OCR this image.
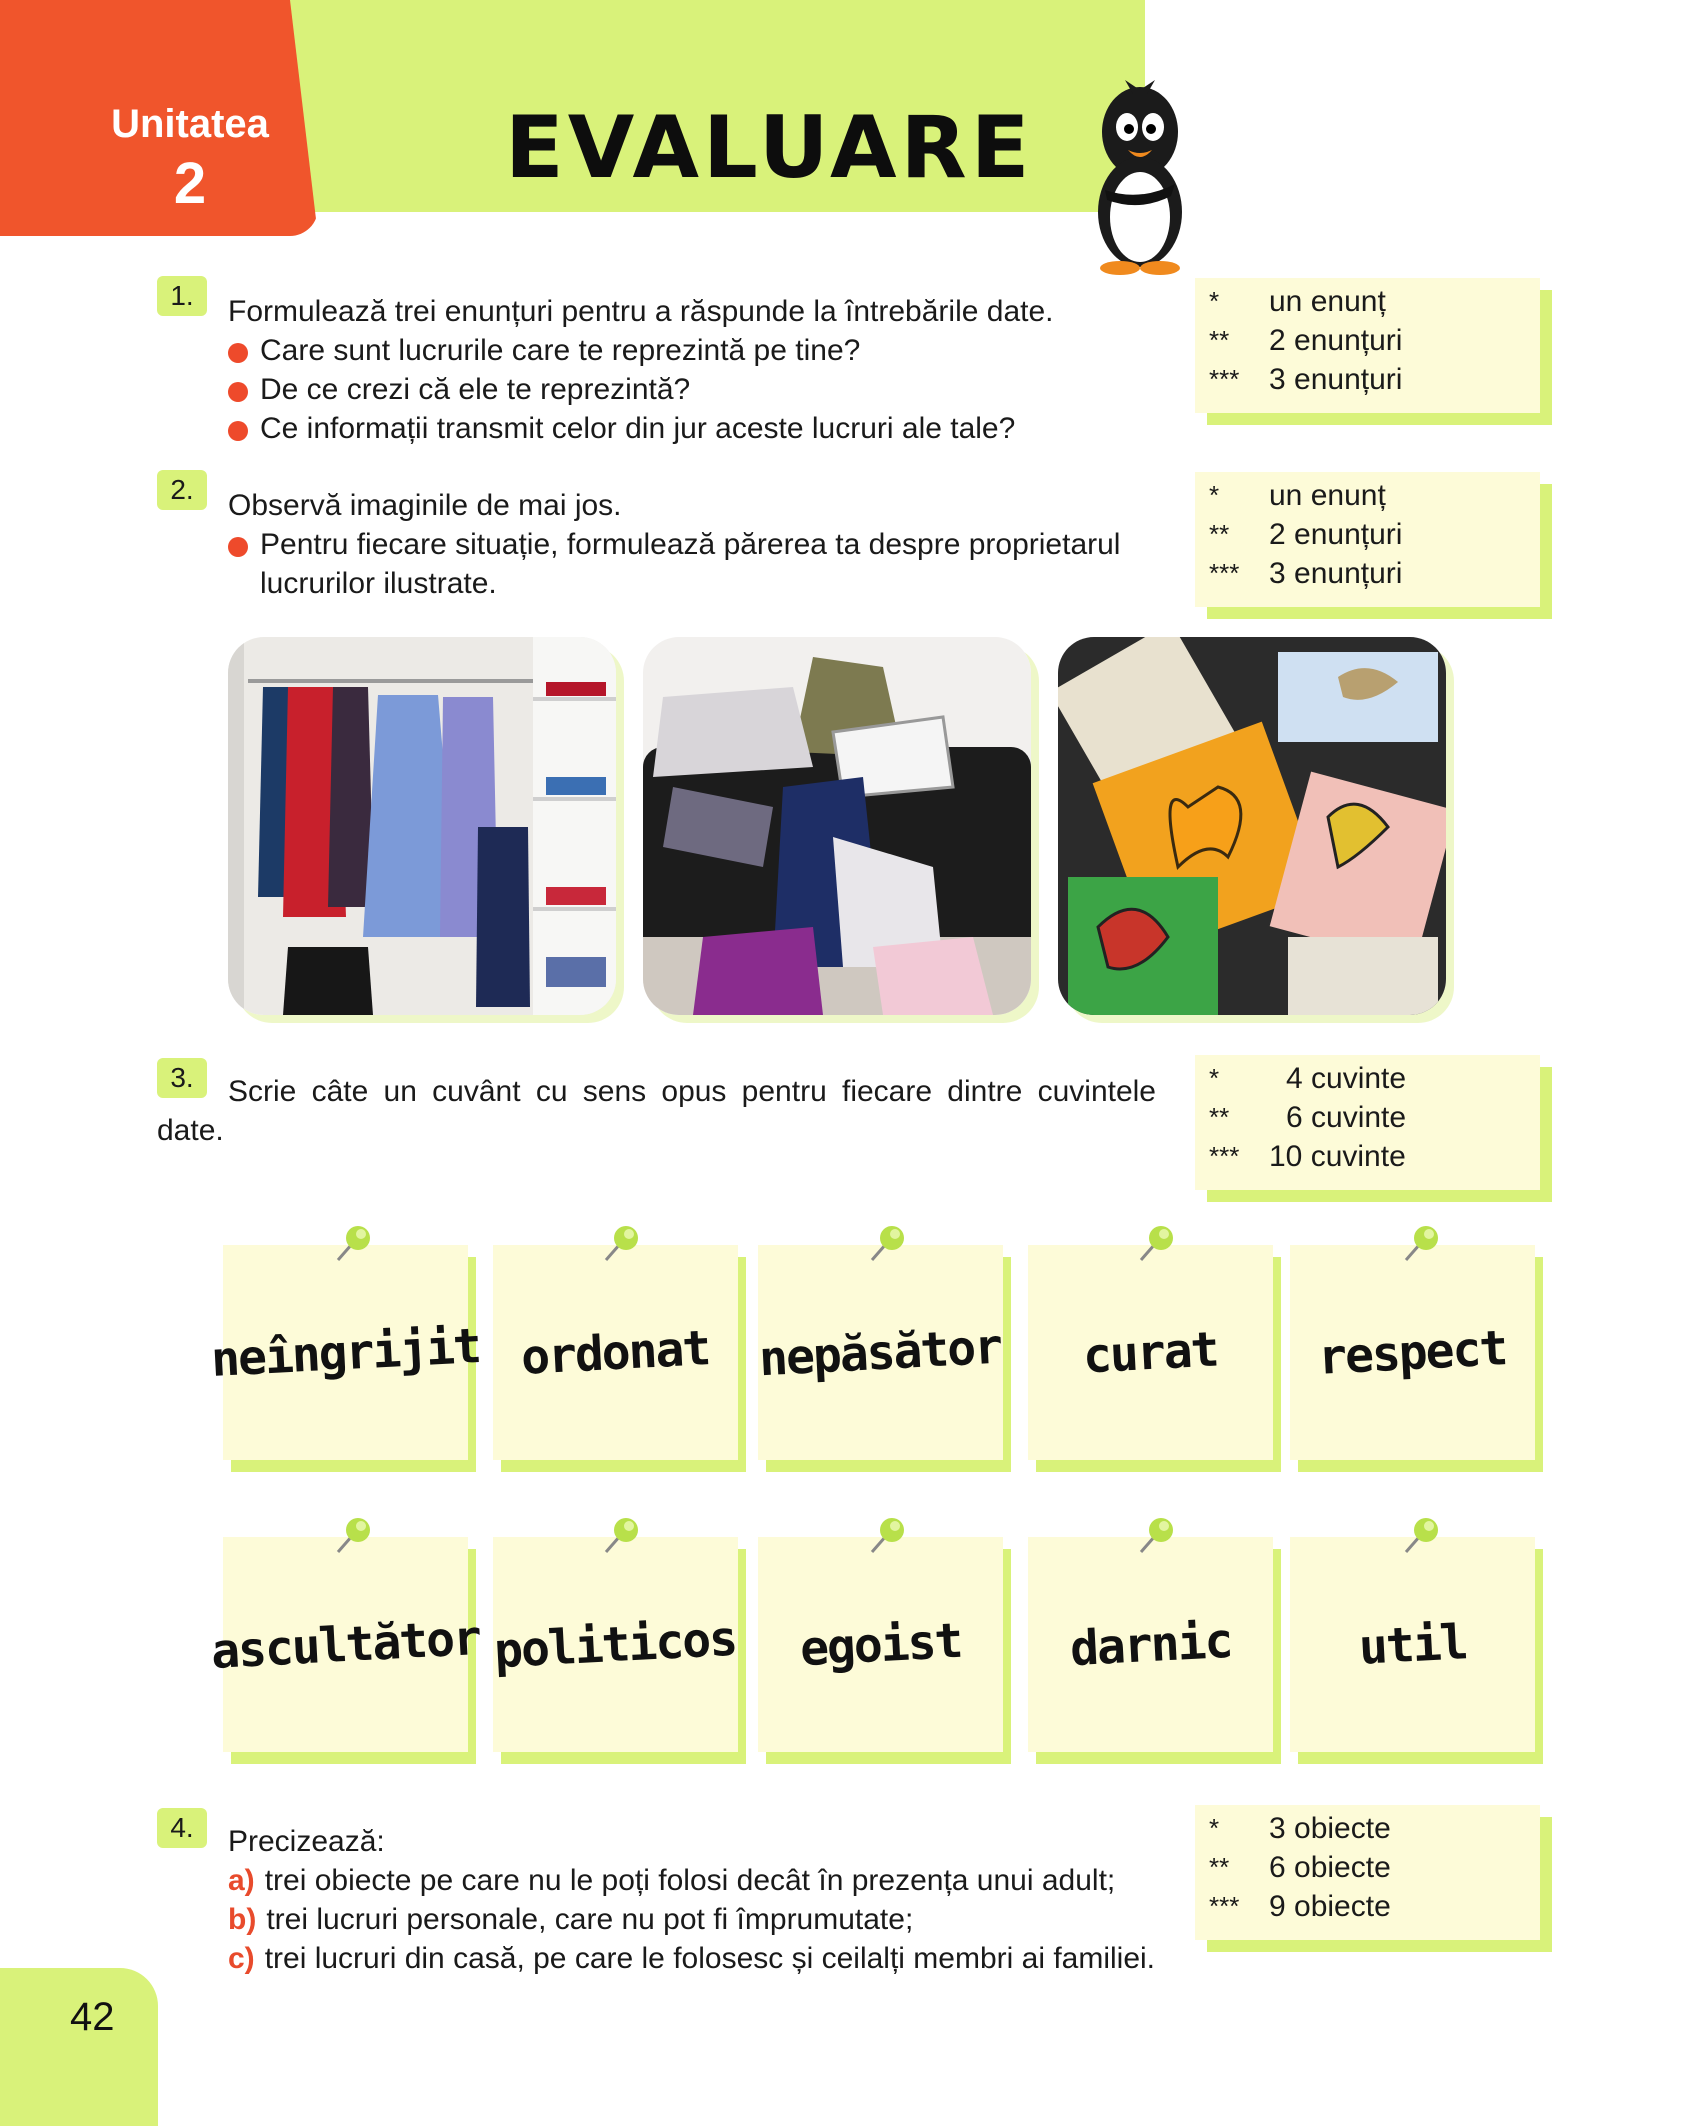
Unitatea
2	EVALUARE
1.	Formulează trei enunțuri pentru a răspunde la întrebările date.
Care sunt lucrurile care te reprezintă pe tine?
De ce crezi că ele te reprezintă?
Ce informații transmit celor din jur aceste lucruri ale tale?
*	un enunț
**	2 enunțuri
*** 3 enunțuri
2.	Observă imaginile de mai jos.
Pentru fiecare situație, formulează părerea ta despre proprietarul
lucrurilor ilustrate.
*	un enunț
**	2 enunțuri
*** 3 enunțuri
3.	Scrie câte un cuvânt cu sens opus pentru fiecare dintre cuvintele
date.
*	4 cuvinte
**	6 cuvinte
*** 10 cuvinte
neîngrijit ordonat nepăsător curat respect
ascultător politicos egoist darnic	util
4.	Precizează:
a) trei obiecte pe care nu le poți folosi decât în prezența unui adult;
b) trei lucruri personale, care nu pot fi împrumutate;
c) trei lucruri din casă, pe care le folosesc și ceilalți membri ai familiei.
*	3 obiecte
**	6 obiecte
*** 9 obiecte
42
